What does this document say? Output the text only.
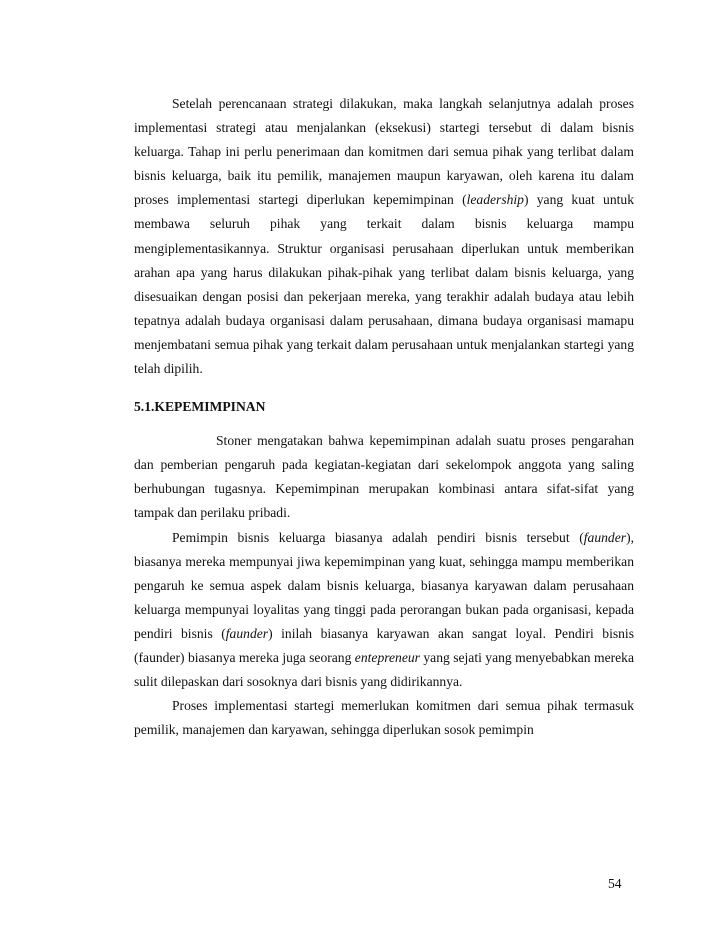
Setelah perencanaan strategi dilakukan, maka langkah selanjutnya adalah proses implementasi strategi atau menjalankan (eksekusi) startegi tersebut di dalam bisnis keluarga. Tahap ini perlu penerimaan dan komitmen dari semua pihak yang terlibat dalam bisnis keluarga, baik itu pemilik, manajemen maupun karyawan, oleh karena itu dalam proses implementasi startegi diperlukan kepemimpinan (leadership) yang kuat untuk membawa seluruh pihak yang terkait dalam bisnis keluarga mampu mengiplementasikannya. Struktur organisasi perusahaan diperlukan untuk memberikan arahan apa yang harus dilakukan pihak-pihak yang terlibat dalam bisnis keluarga, yang disesuaikan dengan posisi dan pekerjaan mereka, yang terakhir adalah budaya atau lebih tepatnya adalah budaya organisasi dalam perusahaan, dimana budaya organisasi mamapu menjembatani semua pihak yang terkait dalam perusahaan untuk menjalankan startegi yang telah dipilih.

5.1.KEPEMIMPINAN

Stoner mengatakan bahwa kepemimpinan adalah suatu proses pengarahan dan pemberian pengaruh pada kegiatan-kegiatan dari sekelompok anggota yang saling berhubungan tugasnya. Kepemimpinan merupakan kombinasi antara sifat-sifat yang tampak dan perilaku pribadi.

Pemimpin bisnis keluarga biasanya adalah pendiri bisnis tersebut (faunder), biasanya mereka mempunyai jiwa kepemimpinan yang kuat, sehingga mampu memberikan pengaruh ke semua aspek dalam bisnis keluarga, biasanya karyawan dalam perusahaan keluarga mempunyai loyalitas yang tinggi pada perorangan bukan pada organisasi, kepada pendiri bisnis (faunder) inilah biasanya karyawan akan sangat loyal. Pendiri bisnis (faunder) biasanya mereka juga seorang entepreneur yang sejati yang menyebabkan mereka sulit dilepaskan dari sosoknya dari bisnis yang didirikannya.

Proses implementasi startegi memerlukan komitmen dari semua pihak termasuk pemilik, manajemen dan karyawan, sehingga diperlukan sosok pemimpin

54
